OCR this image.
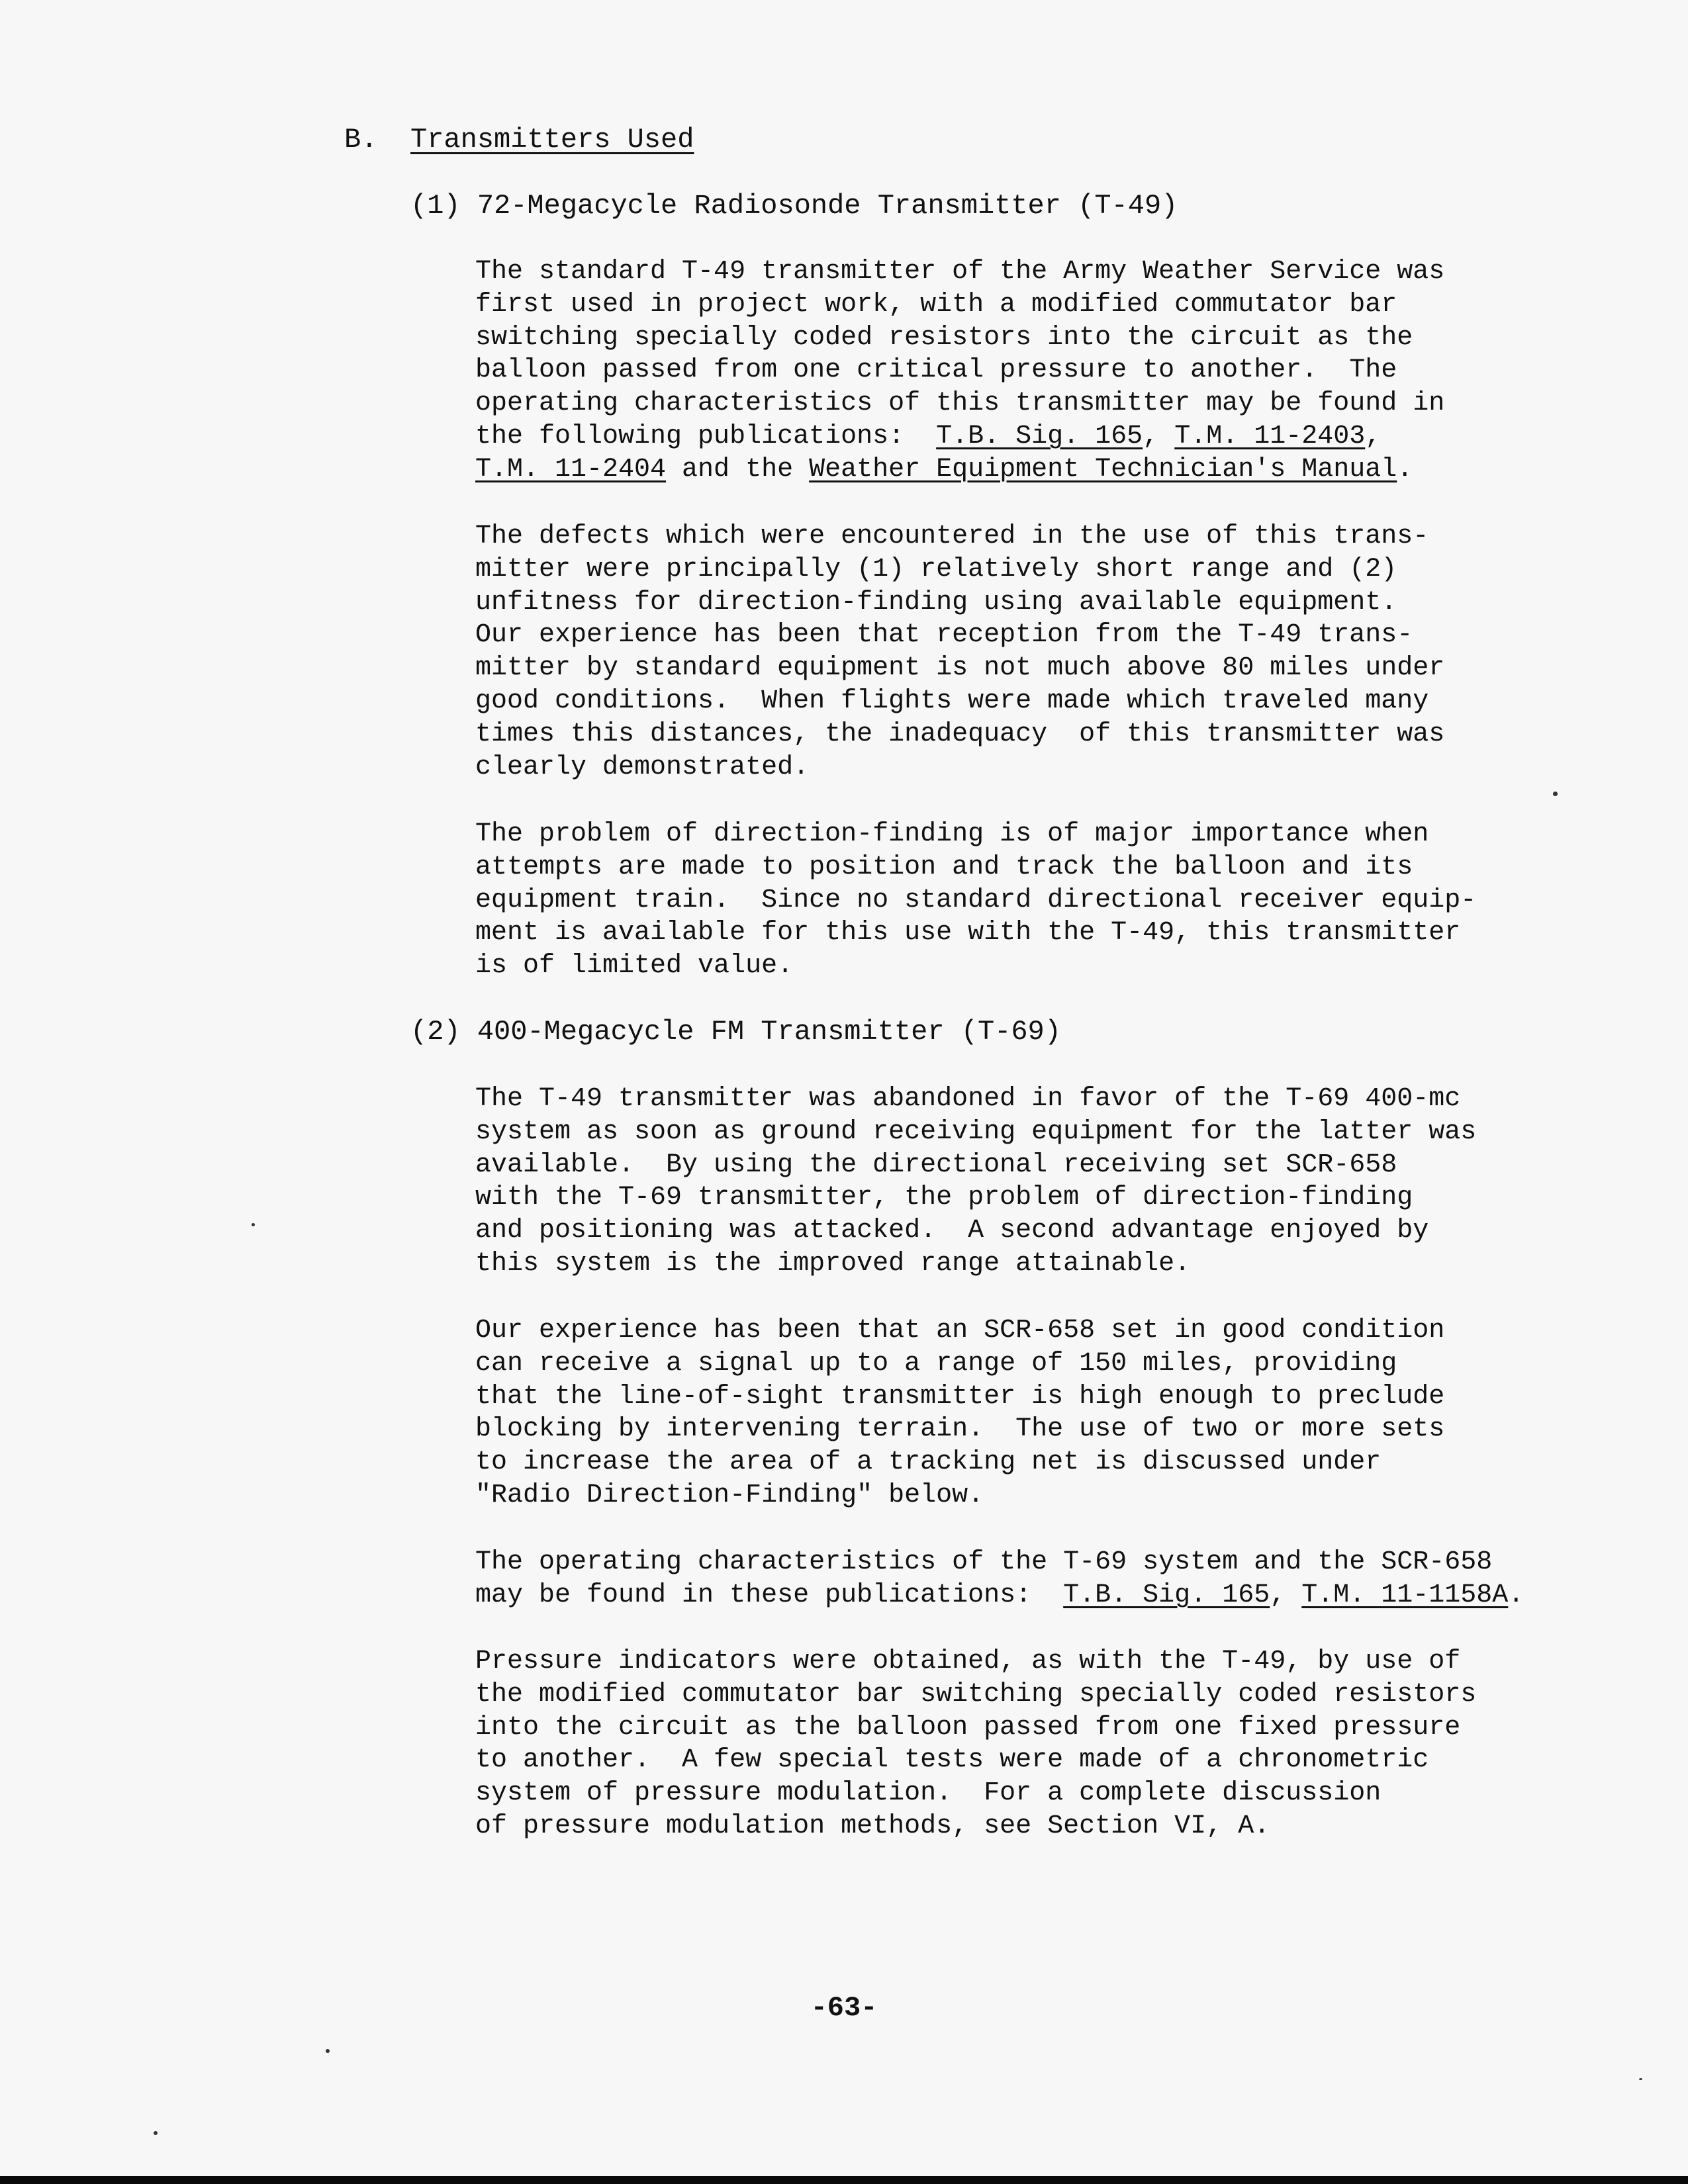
B. Transmitters Used
(1) 72-Megacycle Radiosonde Transmitter (T-49)
The standard T-49 transmitter of the Army Weather Service was
first used in project work, with a modified commutator bar
switching specially coded resistors into the circuit as the
balloon passed from one critical pressure to another.  The
operating characteristics of this transmitter may be found in
the following publications:  T.B. Sig. 165, T.M. 11-2403,
T.M. 11-2404 and the Weather Equipment Technician's Manual.
The defects which were encountered in the use of this trans-
mitter were principally (1) relatively short range and (2)
unfitness for direction-finding using available equipment.
Our experience has been that reception from the T-49 trans-
mitter by standard equipment is not much above 80 miles under
good conditions.  When flights were made which traveled many
times this distances, the inadequacy  of this transmitter was
clearly demonstrated.
The problem of direction-finding is of major importance when
attempts are made to position and track the balloon and its
equipment train.  Since no standard directional receiver equip-
ment is available for this use with the T-49, this transmitter
is of limited value.
(2) 400-Megacycle FM Transmitter (T-69)
The T-49 transmitter was abandoned in favor of the T-69 400-mc
system as soon as ground receiving equipment for the latter was
available.  By using the directional receiving set SCR-658
with the T-69 transmitter, the problem of direction-finding
and positioning was attacked.  A second advantage enjoyed by
this system is the improved range attainable.
Our experience has been that an SCR-658 set in good condition
can receive a signal up to a range of 150 miles, providing
that the line-of-sight transmitter is high enough to preclude
blocking by intervening terrain.  The use of two or more sets
to increase the area of a tracking net is discussed under
"Radio Direction-Finding" below.
The operating characteristics of the T-69 system and the SCR-658
may be found in these publications:  T.B. Sig. 165, T.M. 11-1158A.
Pressure indicators were obtained, as with the T-49, by use of
the modified commutator bar switching specially coded resistors
into the circuit as the balloon passed from one fixed pressure
to another.  A few special tests were made of a chronometric
system of pressure modulation.  For a complete discussion
of pressure modulation methods, see Section VI, A.
-63-
